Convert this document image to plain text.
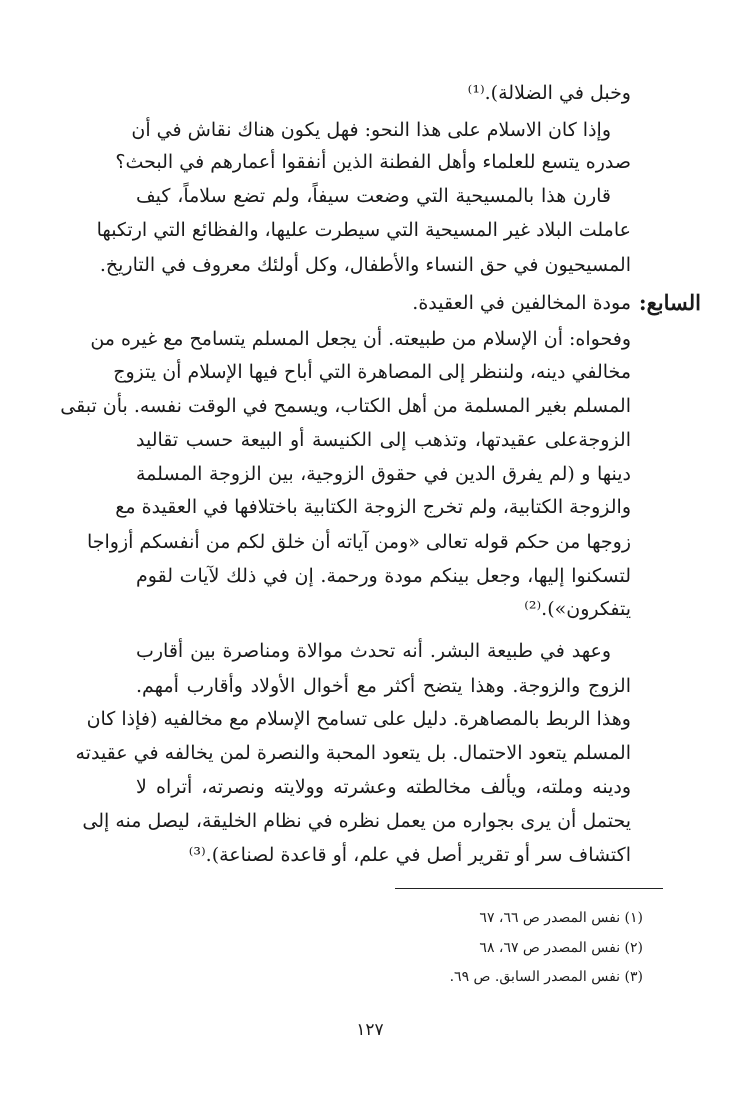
وخبل في الضلالة).⁽¹⁾
وإذا كان الاسلام على هذا النحو: فهل يكون هناك نقاش في أن
صدره يتسع للعلماء وأهل الفطنة الذين أنفقوا أعمارهم في البحث؟
قارن هذا بالمسيحية التي وضعت سيفاً، ولم تضع سلاماً، كيف
عاملت البلاد غير المسيحية التي سيطرت عليها، والفظائع التي ارتكبها
المسيحيون في حق النساء والأطفال، وكل أولئك معروف في التاريخ.
السابع:
مودة المخالفين في العقيدة.
وفحواه: أن الإسلام من طبيعته. أن يجعل المسلم يتسامح مع غيره من
مخالفي دينه، ولننظر إلى المصاهرة التي أباح فيها الإسلام أن يتزوج
المسلم بغير المسلمة من أهل الكتاب، ويسمح في الوقت نفسه. بأن تبقى
الزوجةعلى عقيدتها، وتذهب إلى الكنيسة أو البيعة حسب تقاليد
دينها و (لم يفرق الدين في حقوق الزوجية، بين الزوجة المسلمة
والزوجة الكتابية، ولم تخرج الزوجة الكتابية باختلافها في العقيدة مع
زوجها من حكم قوله تعالى «ومن آياته أن خلق لكم من أنفسكم أزواجا
لتسكنوا إليها، وجعل بينكم مودة ورحمة. إن في ذلك لآيات لقوم
يتفكرون»).⁽²⁾
وعهد في طبيعة البشر. أنه تحدث موالاة ومناصرة بين أقارب
الزوج والزوجة. وهذا يتضح أكثر مع أخوال الأولاد وأقارب أمهم.
وهذا الربط بالمصاهرة. دليل على تسامح الإسلام مع مخالفيه (فإذا كان
المسلم يتعود الاحتمال. بل يتعود المحبة والنصرة لمن يخالفه في عقيدته
ودينه وملته، ويألف مخالطته وعشرته وولايته ونصرته، أتراه لا
يحتمل أن يرى بجواره من يعمل نظره في نظام الخليقة، ليصل منه إلى
اكتشاف سر أو تقرير أصل في علم، أو قاعدة لصناعة).⁽³⁾
(١) نفس المصدر ص ٦٦، ٦٧
(٢) نفس المصدر ص ٦٧، ٦٨
(٣) نفس المصدر السابق. ص ٦٩.
١٢٧
